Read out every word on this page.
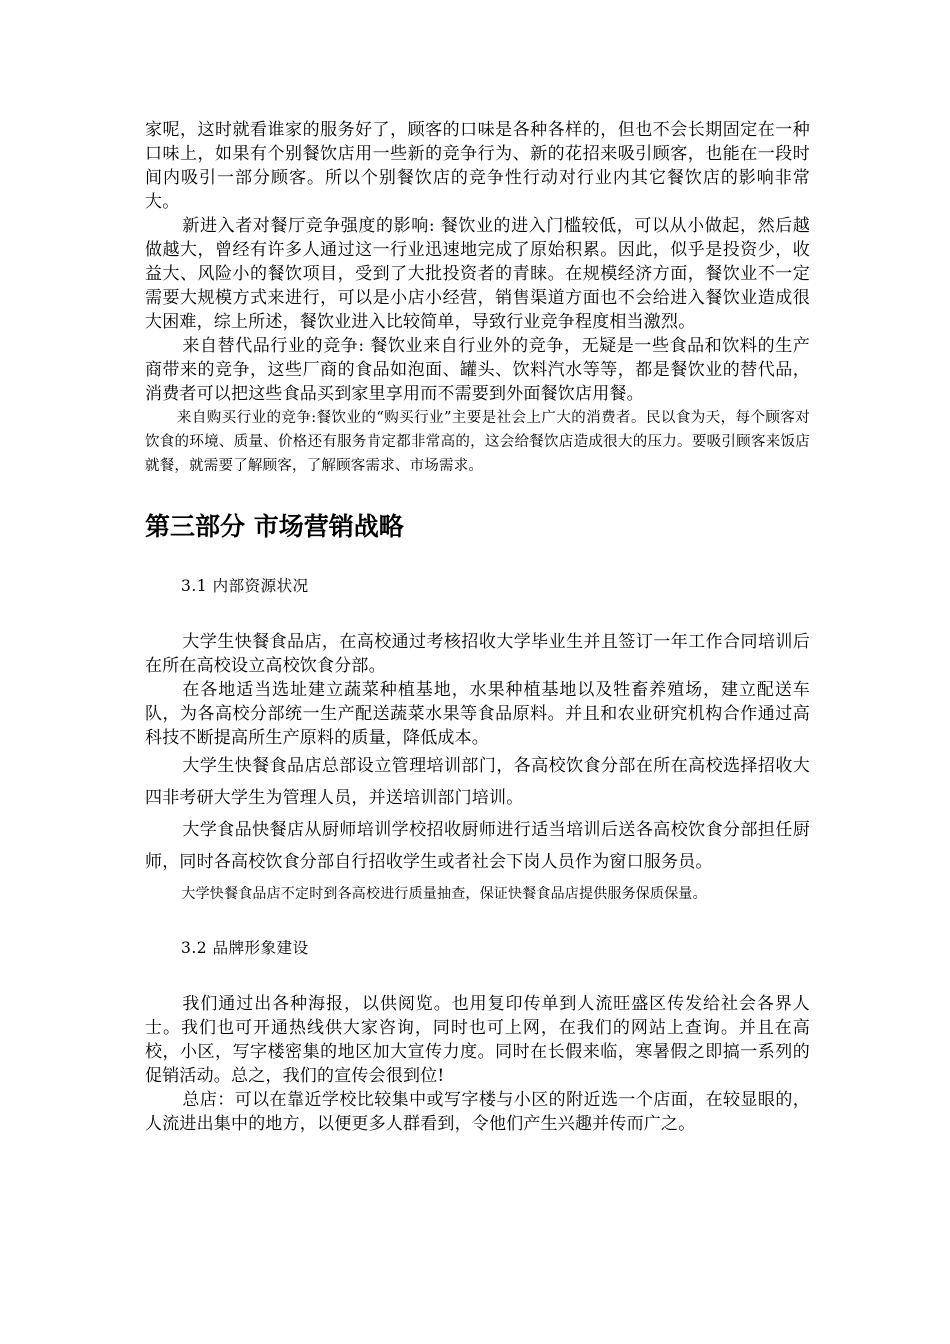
家呢，这时就看谁家的服务好了，顾客的口味是各种各样的，但也不会长期固定在一种口味上，如果有个别餐饮店用一些新的竞争行为、新的花招来吸引顾客，也能在一段时间内吸引一部分顾客。所以个别餐饮店的竞争性行动对行业内其它餐饮店的影响非常大。

新进入者对餐厅竞争强度的影响: 餐饮业的进入门槛较低，可以从小做起，然后越做越大，曾经有许多人通过这一行业迅速地完成了原始积累。因此，似乎是投资少，收益大、风险小的餐饮项目，受到了大批投资者的青睐。在规模经济方面，餐饮业不一定需要大规模方式来进行，可以是小店小经营，销售渠道方面也不会给进入餐饮业造成很大困难，综上所述，餐饮业进入比较简单，导致行业竞争程度相当激烈。

来自替代品行业的竞争: 餐饮业来自行业外的竞争，无疑是一些食品和饮料的生产商带来的竞争，这些厂商的食品如泡面、罐头、饮料汽水等等，都是餐饮业的替代品，消费者可以把这些食品买到家里享用而不需要到外面餐饮店用餐。

来自购买行业的竞争:餐饮业的“购买行业”主要是社会上广大的消费者。民以食为天，每个顾客对饮食的环境、质量、价格还有服务肯定都非常高的，这会给餐饮店造成很大的压力。要吸引顾客来饭店就餐，就需要了解顾客，了解顾客需求、市场需求。

第三部分 市场营销战略
3.1 内部资源状况

大学生快餐食品店，在高校通过考核招收大学毕业生并且签订一年工作合同培训后在所在高校设立高校饮食分部。

在各地适当选址建立蔬菜种植基地，水果种植基地以及牲畜养殖场，建立配送车队，为各高校分部统一生产配送蔬菜水果等食品原料。并且和农业研究机构合作通过高科技不断提高所生产原料的质量，降低成本。

大学生快餐食品店总部设立管理培训部门，各高校饮食分部在所在高校选择招收大四非考研大学生为管理人员，并送培训部门培训。

大学食品快餐店从厨师培训学校招收厨师进行适当培训后送各高校饮食分部担任厨师，同时各高校饮食分部自行招收学生或者社会下岗人员作为窗口服务员。

大学快餐食品店不定时到各高校进行质量抽查，保证快餐食品店提供服务保质保量。

3.2 品牌形象建设

我们通过出各种海报，以供阅览。也用复印传单到人流旺盛区传发给社会各界人士。我们也可开通热线供大家咨询，同时也可上网，在我们的网站上查询。并且在高校，小区，写字楼密集的地区加大宣传力度。同时在长假来临，寒暑假之即搞一系列的促销活动。总之，我们的宣传会很到位!

总店：可以在靠近学校比较集中或写字楼与小区的附近选一个店面，在较显眼的，人流进出集中的地方，以便更多人群看到，令他们产生兴趣并传而广之。
